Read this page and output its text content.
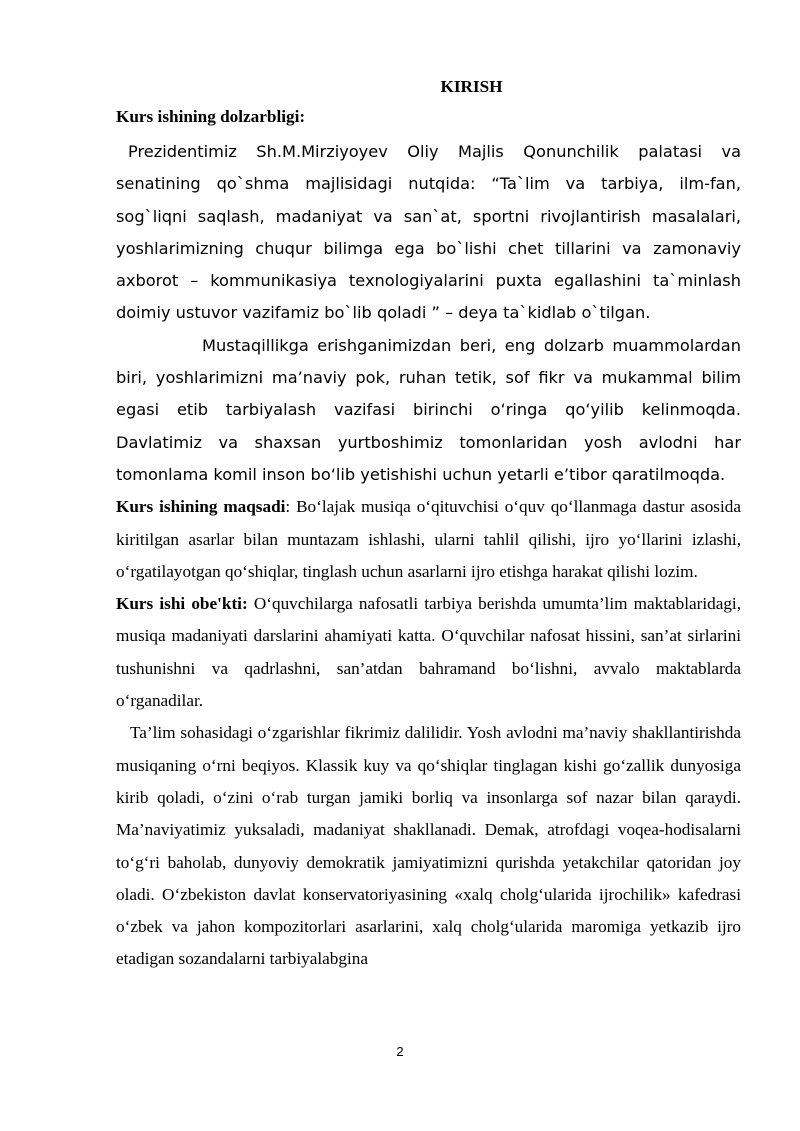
KIRISH

Kurs ishining dolzarbligi:

Prezidentimiz Sh.M.Mirziyoyev Oliy Majlis Qonunchilik palatasi va senatining qo`shma majlisidagi nutqida: “Ta`lim va tarbiya, ilm-fan, sog`liqni saqlash, madaniyat va san`at, sportni rivojlantirish masalalari, yoshlarimizning chuqur bilimga ega bo`lishi chet tillarini va zamonaviy axborot – kommunikasiya texnologiyalarini puxta egallashini ta`minlash doimiy ustuvor vazifamiz bo`lib qoladi ” – deya ta`kidlab o`tilgan.

Mustaqillikga erishganimizdan beri, eng dolzarb muammolardan biri, yoshlarimizni ma’naviy pok, ruhan tetik, sof fikr va mukammal bilim egasi etib tarbiyalash vazifasi birinchi o‘ringa qo‘yilib kelinmoqda. Davlatimiz va shaxsan yurtboshimiz tomonlaridan yosh avlodni har tomonlama komil inson bo‘lib yetishishi uchun yetarli e’tibor qaratilmoqda.

Kurs ishining maqsadi: Bo‘lajak musiqa o‘qituvchisi o‘quv qo‘llanmaga dastur asosida kiritilgan asarlar bilan muntazam ishlashi, ularni tahlil qilishi, ijro yo‘llarini izlashi, o‘rgatilayotgan qo‘shiqlar, tinglash uchun asarlarni ijro etishga harakat qilishi lozim.

Kurs ishi obe'kti: O‘quvchilarga nafosatli tarbiya berishda umumta’lim maktablaridagi, musiqa madaniyati darslarini ahamiyati katta. O‘quvchilar nafosat hissini, san’at sirlarini tushunishni va qadrlashni, san’atdan bahramand bo‘lishni, avvalo maktablarda o‘rganadilar.

Ta’lim sohasidagi o‘zgarishlar fikrimiz dalilidir. Yosh avlodni ma’naviy shakllantirishda musiqaning o‘rni beqiyos. Klassik kuy va qo‘shiqlar tinglagan kishi go‘zallik dunyosiga kirib qoladi, o‘zini o‘rab turgan jamiki borliq va insonlarga sof nazar bilan qaraydi. Ma’naviyatimiz yuksaladi, madaniyat shakllanadi. Demak, atrofdagi voqea-hodisalarni to‘g‘ri baholab, dunyoviy demokratik jamiyatimizni qurishda yetakchilar qatoridan joy oladi. O‘zbekiston davlat konservatoriyasining «xalq cholg‘ularida ijrochilik» kafedrasi o‘zbek va jahon kompozitorlari asarlarini, xalq cholg‘ularida maromiga yetkazib ijro etadigan sozandalarni tarbiyalabgina

2
